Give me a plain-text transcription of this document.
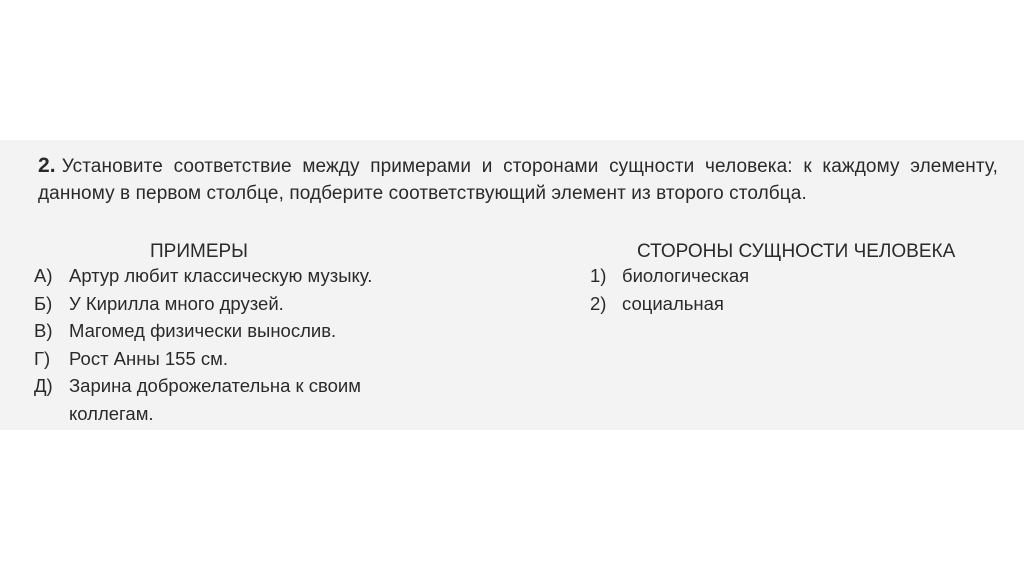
2. Установите соответствие между примерами и сторонами сущности человека: к каждому элементу, данному в первом столбце, подберите соответствующий элемент из второго столбца.

ПРИМЕРЫ	СТОРОНЫ СУЩНОСТИ ЧЕЛОВЕКА
А) Артур любит классическую музыку.
Б) У Кирилла много друзей.
В) Магомед физически вынослив.
Г)	Рост Анны 155 см.
Д) Зарина доброжелательна к своим коллегам.
1) биологическая
2) социальная
